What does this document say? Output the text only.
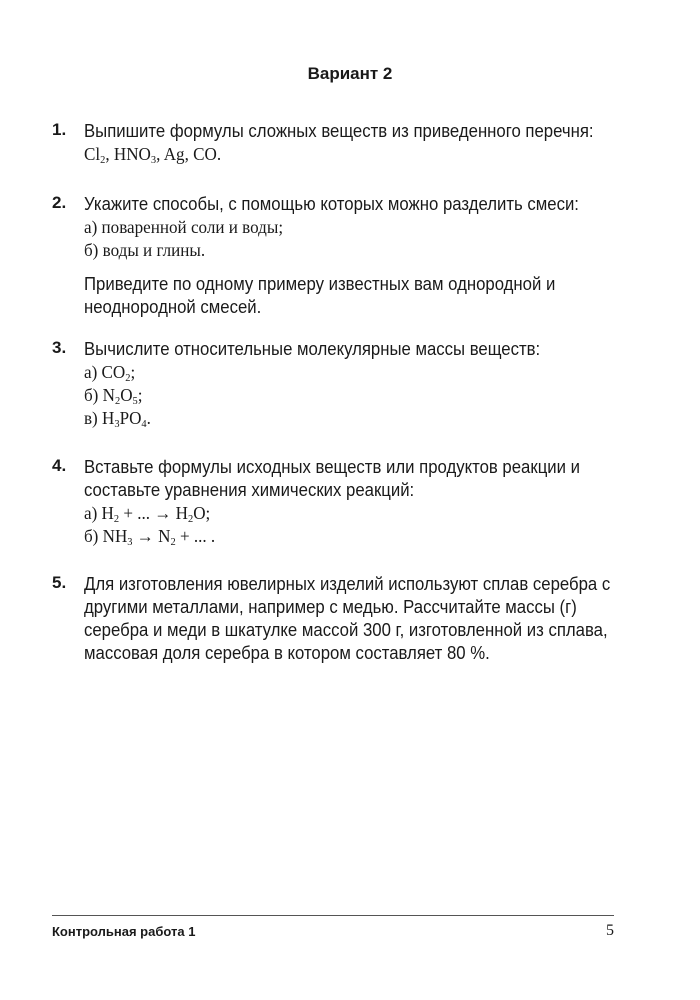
Вариант 2
1. Выпишите формулы сложных веществ из приведенного перечня:

$Cl_2$, $HNO_3$, Ag, CO.

2. Укажите способы, с помощью которых можно разделить смеси:

а) поваренной соли и воды;

б) воды и глины.

Приведите по одному примеру известных вам однородной и неоднородной смесей.

3. Вычислите относительные молекулярные массы веществ:

а) $CO_2$;

б) $N_2O_5$;

в) $H_3PO_4$.

4. Вставьте формулы исходных веществ или продуктов реакции и составьте уравнения химических реакций:

а) $H_2$ + ... → $H_2O$;

б) $NH_3 \to N_2$ + ... .

5. Для изготовления ювелирных изделий используют сплав серебра с другими металлами, например с медью. Рассчитайте массы (г) серебра и меди в шкатулке массой 300 г, изготовленной из сплава, массовая доля серебра в котором составляет 80 %.

Контрольная работа 1	5
